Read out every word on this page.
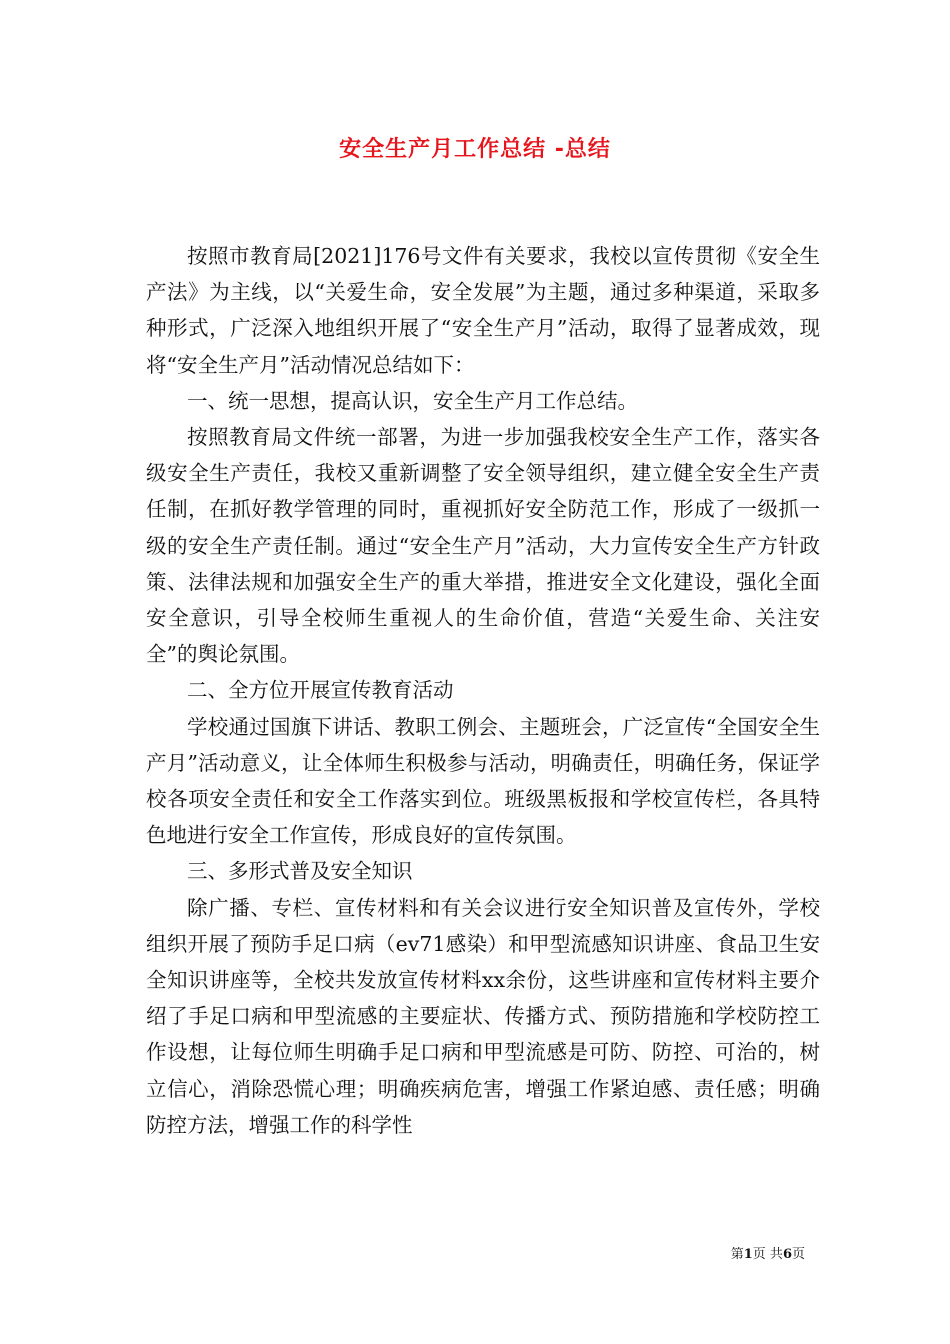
安全生产月工作总结 -总结

按照市教育局[2021]176号文件有关要求，我校以宣传贯彻《安全生产法》为主线，以“关爱生命，安全发展”为主题，通过多种渠道，采取多种形式，广泛深入地组织开展了“安全生产月”活动，取得了显著成效，现将“安全生产月”活动情况总结如下：

一、统一思想，提高认识，安全生产月工作总结。

按照教育局文件统一部署，为进一步加强我校安全生产工作，落实各级安全生产责任，我校又重新调整了安全领导组织，建立健全安全生产责任制，在抓好教学管理的同时，重视抓好安全防范工作，形成了一级抓一级的安全生产责任制。通过“安全生产月”活动，大力宣传安全生产方针政策、法律法规和加强安全生产的重大举措，推进安全文化建设，强化全面安全意识，引导全校师生重视人的生命价值，营造“关爱生命、关注安全”的舆论氛围。

二、全方位开展宣传教育活动

学校通过国旗下讲话、教职工例会、主题班会，广泛宣传“全国安全生产月”活动意义，让全体师生积极参与活动，明确责任，明确任务，保证学校各项安全责任和安全工作落实到位。班级黑板报和学校宣传栏，各具特色地进行安全工作宣传，形成良好的宣传氛围。

三、多形式普及安全知识

除广播、专栏、宣传材料和有关会议进行安全知识普及宣传外，学校组织开展了预防手足口病（ev71感染）和甲型流感知识讲座、食品卫生安全知识讲座等，全校共发放宣传材料xx余份，这些讲座和宣传材料主要介绍了手足口病和甲型流感的主要症状、传播方式、预防措施和学校防控工作设想，让每位师生明确手足口病和甲型流感是可防、防控、可治的，树立信心，消除恐慌心理；明确疾病危害，增强工作紧迫感、责任感；明确防控方法，增强工作的科学性

第1页 共6页
